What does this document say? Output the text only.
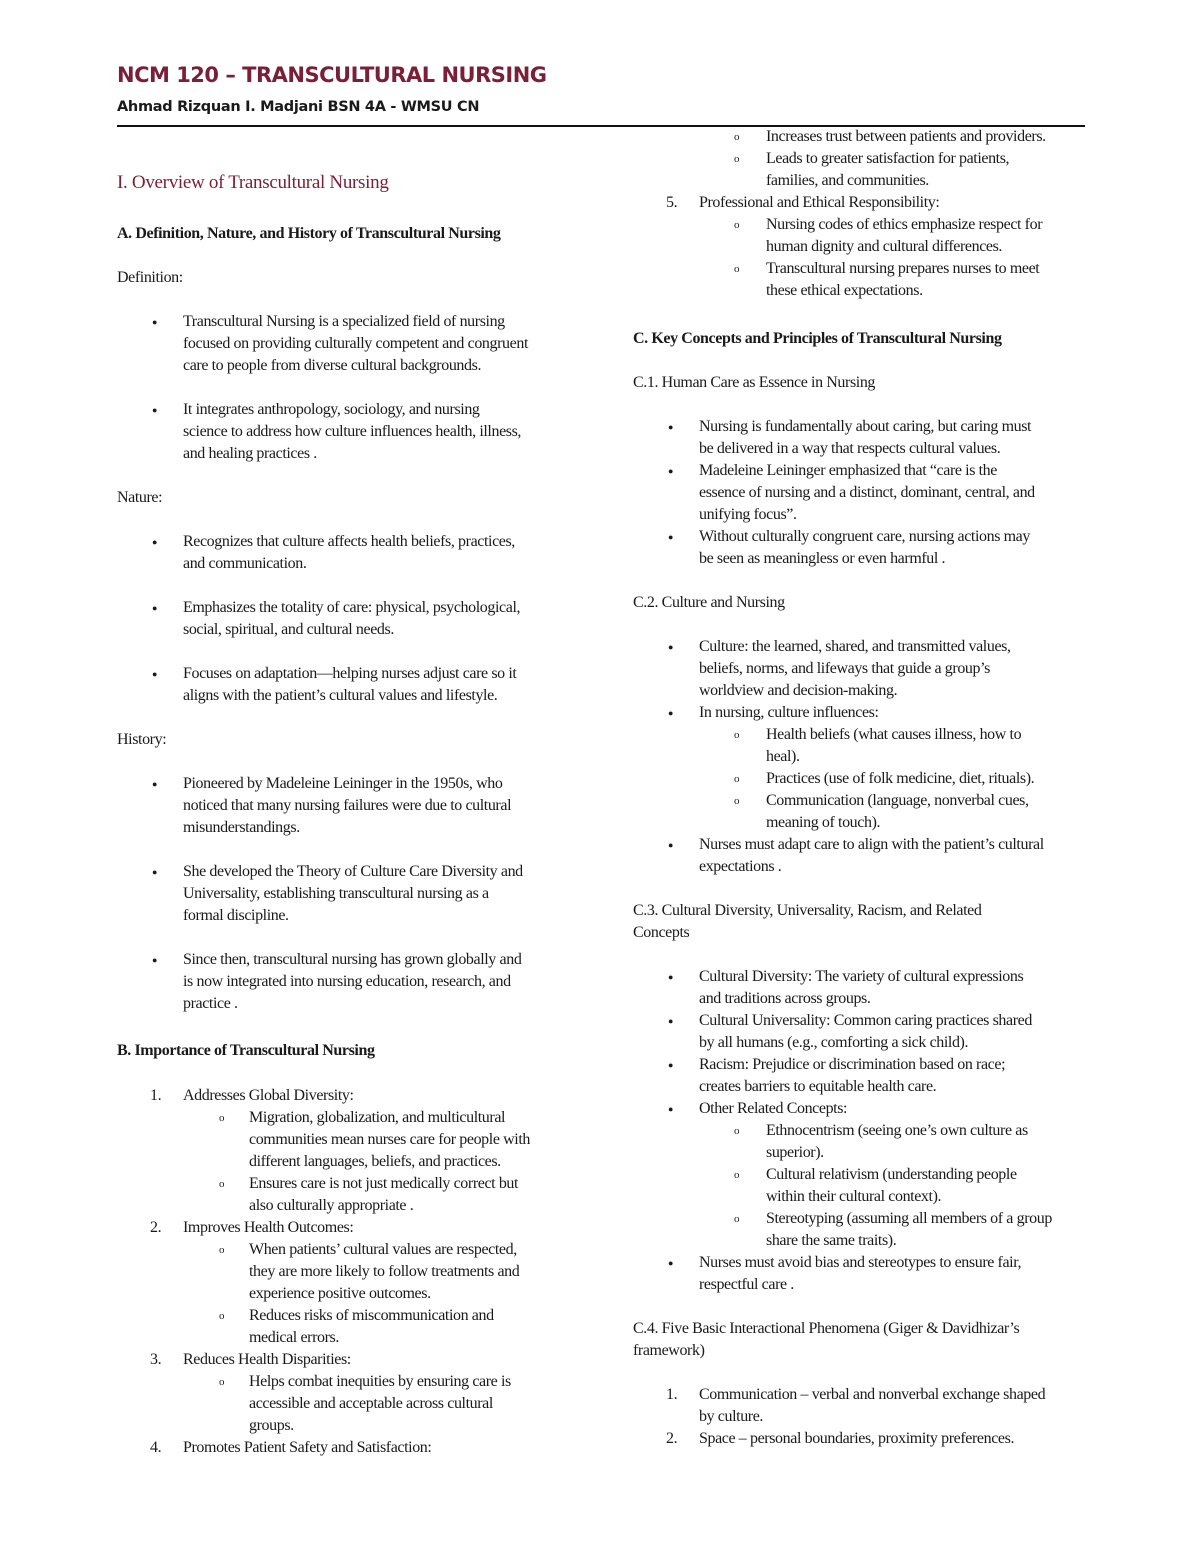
NCM 120 – TRANSCULTURAL NURSING

Ahmad Rizquan I. Madjani BSN 4A - WMSU CN

I. Overview of Transcultural Nursing
A. Definition, Nature, and History of Transcultural Nursing
Definition:
● Transcultural Nursing is a specialized field of nursing
focused on providing culturally competent and congruent
care to people from diverse cultural backgrounds.
● It integrates anthropology, sociology, and nursing
science to address how culture influences health, illness,
and healing practices .
Nature:
● Recognizes that culture affects health beliefs, practices,
and communication.
● Emphasizes the totality of care: physical, psychological,
social, spiritual, and cultural needs.
● Focuses on adaptation—helping nurses adjust care so it
aligns with the patient’s cultural values and lifestyle.
History:
● Pioneered by Madeleine Leininger in the 1950s, who
noticed that many nursing failures were due to cultural
misunderstandings.
● She developed the Theory of Culture Care Diversity and
Universality, establishing transcultural nursing as a
formal discipline.
● Since then, transcultural nursing has grown globally and
is now integrated into nursing education, research, and
practice .
B. Importance of Transcultural Nursing
1. Addresses Global Diversity:
o Migration, globalization, and multicultural
communities mean nurses care for people with
different languages, beliefs, and practices.
o Ensures care is not just medically correct but
also culturally appropriate .
2. Improves Health Outcomes:
o When patients’ cultural values are respected,
they are more likely to follow treatments and
experience positive outcomes.
o Reduces risks of miscommunication and
medical errors.
3. Reduces Health Disparities:
o Helps combat inequities by ensuring care is
accessible and acceptable across cultural
groups.
4. Promotes Patient Safety and Satisfaction:
o Increases trust between patients and providers.
o Leads to greater satisfaction for patients,
families, and communities.
5. Professional and Ethical Responsibility:
o Nursing codes of ethics emphasize respect for
human dignity and cultural differences.
o Transcultural nursing prepares nurses to meet
these ethical expectations.
C. Key Concepts and Principles of Transcultural Nursing
C.1. Human Care as Essence in Nursing
● Nursing is fundamentally about caring, but caring must
be delivered in a way that respects cultural values.
● Madeleine Leininger emphasized that “care is the
essence of nursing and a distinct, dominant, central, and
unifying focus”.
● Without culturally congruent care, nursing actions may
be seen as meaningless or even harmful .
C.2. Culture and Nursing
● Culture: the learned, shared, and transmitted values,
beliefs, norms, and lifeways that guide a group’s
worldview and decision-making.
● In nursing, culture influences:
o Health beliefs (what causes illness, how to
heal).
o Practices (use of folk medicine, diet, rituals).
o Communication (language, nonverbal cues,
meaning of touch).
● Nurses must adapt care to align with the patient’s cultural
expectations .
C.3. Cultural Diversity, Universality, Racism, and Related
Concepts
● Cultural Diversity: The variety of cultural expressions
and traditions across groups.
● Cultural Universality: Common caring practices shared
by all humans (e.g., comforting a sick child).
● Racism: Prejudice or discrimination based on race;
creates barriers to equitable health care.
● Other Related Concepts:
o Ethnocentrism (seeing one’s own culture as
superior).
o Cultural relativism (understanding people
within their cultural context).
o Stereotyping (assuming all members of a group
share the same traits).
● Nurses must avoid bias and stereotypes to ensure fair,
respectful care .
C.4. Five Basic Interactional Phenomena (Giger & Davidhizar’s
framework)
1. Communication – verbal and nonverbal exchange shaped
by culture.
2. Space – personal boundaries, proximity preferences.
